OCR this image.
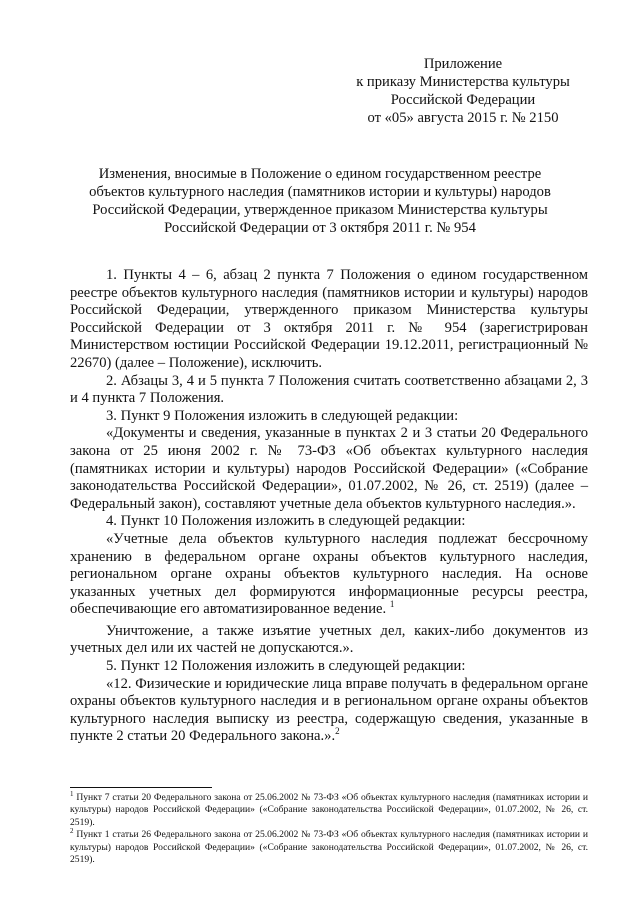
Приложение
к приказу Министерства культуры
Российской Федерации
от «05» августа 2015 г. № 2150
Изменения, вносимые в Положение о едином государственном реестре
объектов культурного наследия (памятников истории и культуры) народов
Российской Федерации, утвержденное приказом Министерства культуры
Российской Федерации от 3 октября 2011 г. № 954

1. Пункты 4 – 6, абзац 2 пункта 7 Положения о едином государственном реестре объектов культурного наследия (памятников истории и культуры) народов Российской Федерации, утвержденного приказом Министерства культуры Российской Федерации от 3 октября 2011 г. № 954 (зарегистрирован Министерством юстиции Российской Федерации 19.12.2011, регистрационный № 22670) (далее – Положение), исключить.

2. Абзацы 3, 4 и 5 пункта 7 Положения считать соответственно абзацами 2, 3 и 4 пункта 7 Положения.

3. Пункт 9 Положения изложить в следующей редакции:

«Документы и сведения, указанные в пунктах 2 и 3 статьи 20 Федерального закона от 25 июня 2002 г. № 73-ФЗ «Об объектах культурного наследия (памятниках истории и культуры) народов Российской Федерации» («Собрание законодательства Российской Федерации», 01.07.2002, № 26, ст. 2519) (далее – Федеральный закон), составляют учетные дела объектов культурного наследия.».

4. Пункт 10 Положения изложить в следующей редакции:

«Учетные дела объектов культурного наследия подлежат бессрочному хранению в федеральном органе охраны объектов культурного наследия, региональном органе охраны объектов культурного наследия. На основе указанных учетных дел формируются информационные ресурсы реестра, обеспечивающие его автоматизированное ведение. $^1$

Уничтожение, а также изъятие учетных дел, каких-либо документов из учетных дел или их частей не допускаются.».

5. Пункт 12 Положения изложить в следующей редакции:

«12. Физические и юридические лица вправе получать в федеральном органе охраны объектов культурного наследия и в региональном органе охраны объектов культурного наследия выписку из реестра, содержащую сведения, указанные в пункте 2 статьи 20 Федерального закона.».$^2$

$^1$ Пункт 7 статьи 20 Федерального закона от 25.06.2002 № 73-ФЗ «Об объектах культурного наследия (памятниках истории и культуры) народов Российской Федерации» («Собрание законодательства Российской Федерации», 01.07.2002, № 26, ст. 2519).

$^2$ Пункт 1 статьи 26 Федерального закона от 25.06.2002 № 73-ФЗ «Об объектах культурного наследия (памятниках истории и культуры) народов Российской Федерации» («Собрание законодательства Российской Федерации», 01.07.2002, № 26, ст. 2519).
